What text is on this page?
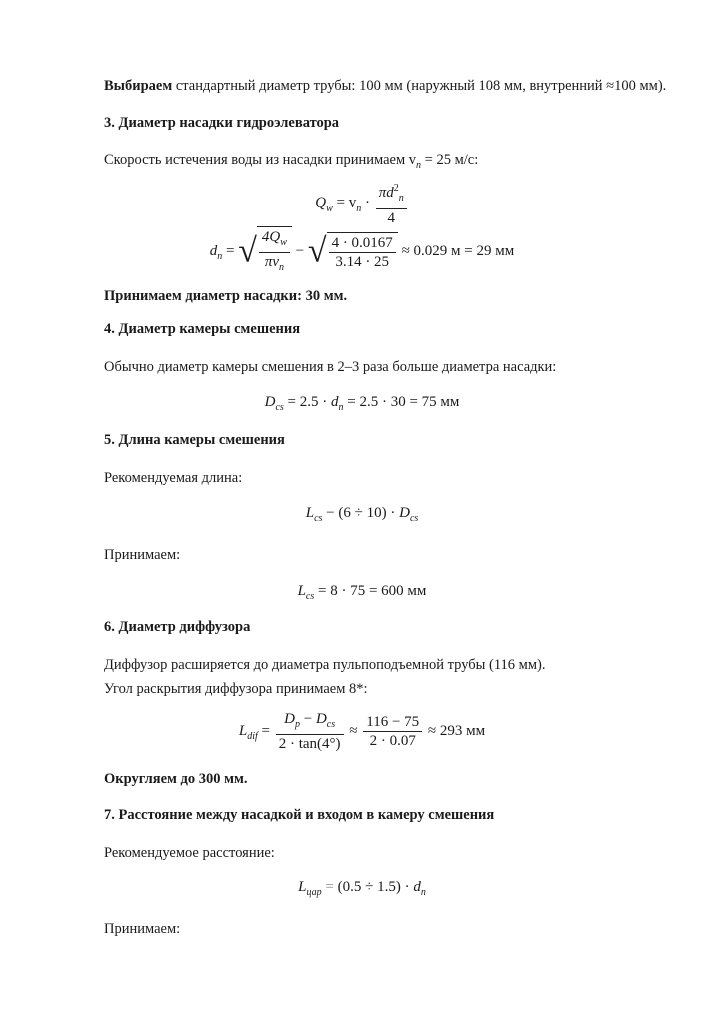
Выбираем стандартный диаметр трубы: 100 мм (наружный 108 мм, внутренний ≈100 мм).
3. Диаметр насадки гидроэлеватора
Скорость истечения воды из насадки принимаем $v_n = 25$ м/с:
$Q_w = v_n \cdot \frac{\pi d^2_n}{4}$
$d_n$ = √ $\frac{4Q_w}{\pi v_n}$ − √ $\frac{4 \cdot 0.0167}{3.14 \cdot 25} \approx 0.029$ м = 29 мм
Принимаем диаметр насадки: 30 мм.
4. Диаметр камеры смешения
Обычно диаметр камеры смешения в 2–3 раза больше диаметра насадки:
$D_{cs} = 2.5 \cdot d_n = 2.5 \cdot 30 = 75$ мм
5. Длина камеры смешения
Рекомендуемая длина:
$L_{cs} - (6 \div 10) \cdot D_{cs}$
Принимаем:
$L_{cs} = 8 \cdot 75 = 600$ мм
6. Диаметр диффузора
Диффузор расширяется до диаметра пульпоподъемной трубы (116 мм).
Угол раскрытия диффузора принимаем 8*:
$L_{dif} = \frac{D_p - D_{cs}}{2 \cdot \tan(4^\circ)} \approx \frac{116 - 75}{2 \cdot 0.07} \approx 293$ мм
Округляем до 300 мм.
7. Расстояние между насадкой и входом в камеру смешения
Рекомендуемое расстояние:
$L_{цар} = (0.5 \div 1.5) \cdot d_n$
Принимаем:
